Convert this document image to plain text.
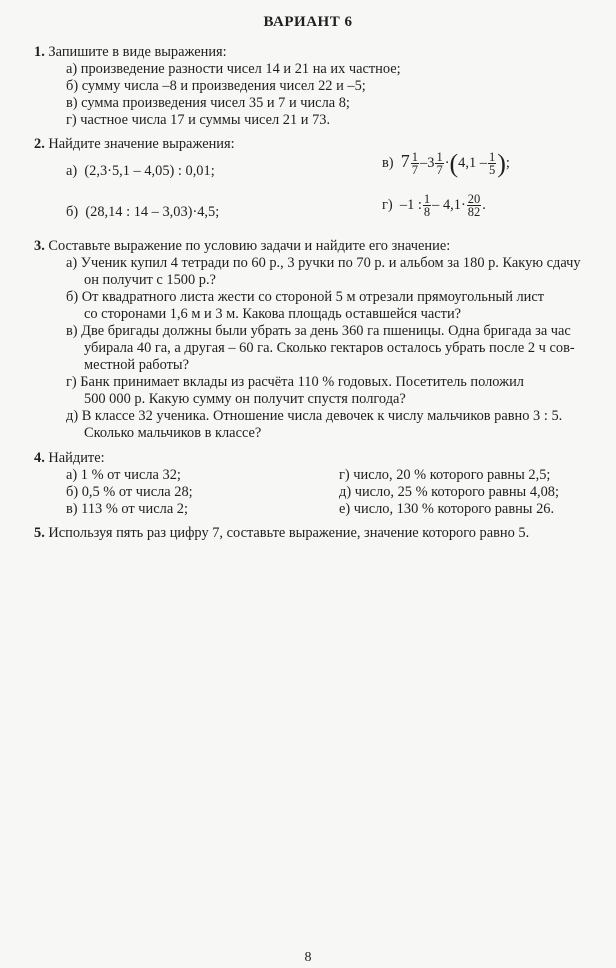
ВАРИАНТ 6
1. Запишите в виде выражения:
а) произведение разности чисел 14 и 21 на их частное;
б) сумму числа –8 и произведения чисел 22 и –5;
в) сумма произведения чисел 35 и 7 и числа 8;
г) частное числа 17 и суммы чисел 21 и 73.
2. Найдите значение выражения:
а) (2,3·5,1 – 4,05) : 0,01;
б) (28,14 : 14 – 3,03)·4,5;
в) $7 \frac{1}{7} -3 \frac{1}{7} \cdot(4,1 - \frac{1}{5}$ );
г) –1 : $\frac{1}{8} - 4,1\cdot \frac{20}{82}$ .
3. Составьте выражение по условию задачи и найдите его значение:
а) Ученик купил 4 тетради по 60 р., 3 ручки по 70 р. и альбом за 180 р. Какую сдачу
он получит с 1500 р.?
б) От квадратного листа жести со стороной 5 м отрезали прямоугольный лист
со сторонами 1,6 м и 3 м. Какова площадь оставшейся части?
в) Две бригады должны были убрать за день 360 га пшеницы. Одна бригада за час
убирала 40 га, а другая – 60 га. Сколько гектаров осталось убрать после 2 ч сов-
местной работы?
г) Банк принимает вклады из расчёта 110 % годовых. Посетитель положил
500 000 р. Какую сумму он получит спустя полгода?
д) В классе 32 ученика. Отношение числа девочек к числу мальчиков равно 3 : 5.
Сколько мальчиков в классе?
4. Найдите:
а) 1 % от числа 32;
б) 0,5 % от числа 28;
в) 113 % от числа 2;
г) число, 20 % которого равны 2,5;
д) число, 25 % которого равны 4,08;
е) число, 130 % которого равны 26.
5. Используя пять раз цифру 7, составьте выражение, значение которого равно 5.
8
